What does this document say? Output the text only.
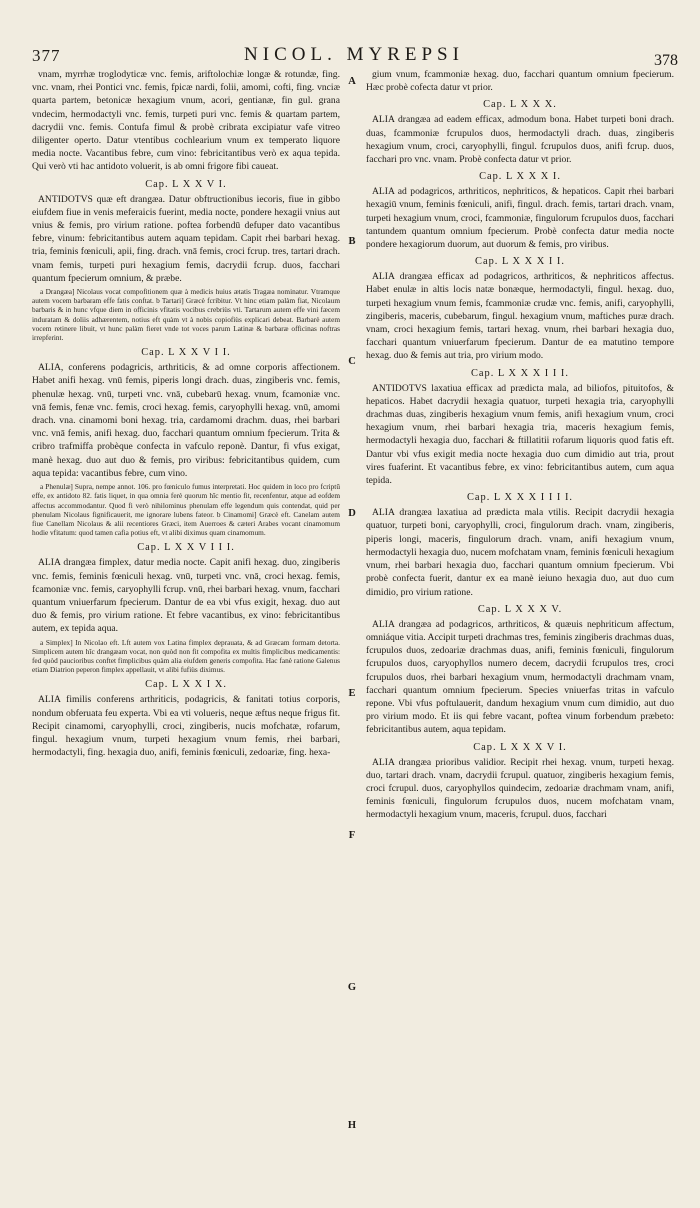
377	NICOL. MYREPSI	378

vnam, myrrhæ troglodyticæ vnc. femis, ariftolochiæ longæ & rotundæ, fing. vnc. vnam, rhei Pontici vnc. femis, fpicæ nardi, folii, amomi, cofti, fing. vnciæ quarta partem, betonicæ hexagium vnum, acori, gentianæ, fin gul. grana vndecim, hermodactyli vnc. femis, turpeti puri vnc. femis & quartam partem, dacrydii vnc. femis. Contufa fimul & probè cribrata excipiatur vafe vitreo diligenter operto. Datur vtentibus cochlearium vnum ex temperato liquore media nocte. Vacantibus febre, cum vino: febricitantibus verò ex aqua tepida. Qui verò vti hac antidoto voluerit, is ab omni frigore fibi caueat.

Cap. L X X V I.

ANTIDOTVS quæ eft drangæa. Datur obftructionibus iecoris, fiue in gibbo eiufdem fiue in venis meferaicis fuerint, media nocte, pondere hexagii vnius aut vnius & femis, pro virium ratione. poftea forbendū defuper dato vacantibus febre, vinum: febricitantibus autem aquam tepidam. Capit rhei barbari hexag. tria, feminis fœniculi, apii, fing. drach. vnā femis, croci fcrup. tres, tartari drach. vnam femis, turpeti puri hexagium femis, dacrydii fcrup. duos, facchari quantum fpecierum omnium, & præbe.

a Drangæa] Nicolaus vocat compofitionem quæ à medicis huius ætatis Tragæa nominatur. Vtramque autem vocem barbaram effe fatis conftat. b Tartari] Græcè fcribitur. Vt hinc etiam palàm fiat, Nicolaum barbaris & in hunc vfque diem in officinis vfitatis vocibus crebriùs vti. Tartarum autem effe vini fæcem induratam & doliis adhærentem, notius eft quàm vt à nobis copiofiùs explicari debeat. Barbarè autem vocem retinere libuit, vt hunc palàm fieret vnde tot voces parum Latinæ & barbaræ officinas noftras irrepferint.

Cap. L X X V I I.

ALIA, conferens podagricis, arthriticis, & ad omne corporis affectionem. Habet anifi hexag. vnū femis, piperis longi drach. duas, zingiberis vnc. femis, phenulæ hexag. vnū, turpeti vnc. vnā, cubebarū hexag. vnum, fcamoniæ vnc. vnā femis, fenæ vnc. femis, croci hexag. femis, caryophylli hexag. vnū, amomi drach. vna. cinamomi boni hexag. tria, cardamomi drachm. duas, rhei barbari vnc. vnā femis, anifi hexag. duo, facchari quantum omnium fpecierum. Trita & cribro trafmiffa probèque confecta in vafculo reponè. Dantur, fi vfus exigat, manè hexag. duo aut duo & femis, pro viribus: febricitantibus quidem, cum aqua tepida: vacantibus febre, cum vino.

a Phenulæ] Supra, nempe annot. 106. pro fœniculo fumus interpretati. Hoc quidem in loco pro fcriptū effe, ex antidoto 82. fatis liquet, in qua omnia ferè quorum hîc mentio fit, recenfentur, atque ad eofdem affectus accommodantur. Quod fi verò nihilominus phenulam effe legendum quis contendat, quid per phenulam Nicolaus fignificauerit, me ignorare lubens fateor. b Cinamomi] Græcè eft. Canelam autem fiue Canellam Nicolaus & alii recentiores Græci, item Auerroes & cæteri Arabes vocant cinamomum hodie vfitatum: quod tamen cafia potius eft, vt alibi diximus quam cinamomum.

Cap. L X X V I I I.

ALIA drangæa fimplex, datur media nocte. Capit anifi hexag. duo, zingiberis vnc. femis, feminis fœniculi hexag. vnū, turpeti vnc. vnā, croci hexag. femis, fcamoniæ vnc. femis, caryophylli fcrup. vnū, rhei barbari hexag. vnum, facchari quantum vniuerfarum fpecierum. Dantur de ea vbi vfus exigit, hexag. duo aut duo & femis, pro virium ratione. Et febre vacantibus, ex vino: febricitantibus autem, ex tepida aqua.

a Simplex] In Nicolao eft. Lft autem vox Latina fimplex deprauata, & ad Græcam formam detorta. Simplicem autem hîc drangæam vocat, non quòd non fit compofita ex multis fimplicibus medicamentis: fed quòd paucioribus conftet fimplicibus quàm alia eiufdem generis compofita. Hac fanè ratione Galenus etiam Diatrion peperon fimplex appellauit, vt alibi fufiùs diximus.

Cap. L X X I X.

ALIA fimilis conferens arthriticis, podagricis, & fanitati totius corporis, nondum obferuata feu experta. Vbi ea vti volueris, neque æftus neque frigus fit. Recipit cinamomi, caryophylli, croci, zingiberis, nucis mofchatæ, rofarum, fingul. hexagium vnum, turpeti hexagium vnum femis, rhei barbari, hermodactyli, fing. hexagia duo, anifi, feminis fœniculi, zedoariæ, fing. hexa-

A
B
C
D
E
F
G
H

gium vnum, fcammoniæ hexag. duo, facchari quantum omnium fpecierum. Hæc probè cofecta datur vt prior.

Cap. L X X X.

ALIA drangæa ad eadem efficax, admodum bona. Habet turpeti boni drach. duas, fcammoniæ fcrupulos duos, hermodactyli drach. duas, zingiberis hexagium vnum, croci, caryophylli, fingul. fcrupulos duos, anifi fcrup. duos, facchari pro vnc. vnam. Probè confecta datur vt prior.

Cap. L X X X I.

ALIA ad podagricos, arthriticos, nephriticos, & hepaticos. Capit rhei barbari hexagiū vnum, feminis fœniculi, anifi, fingul. drach. femis, tartari drach. vnam, turpeti hexagium vnum, croci, fcammoniæ, fingulorum fcrupulos duos, facchari tantundem quantum omnium fpecierum. Probè confecta datur media nocte pondere hexagiorum duorum, aut duorum & femis, pro viribus.

Cap. L X X X I I.

ALIA drangæa efficax ad podagricos, arthriticos, & nephriticos affectus. Habet enulæ in altis locis natæ bonæque, hermodactyli, fingul. hexag. duo, turpeti hexagium vnum femis, fcammoniæ crudæ vnc. femis, anifi, caryophylli, zingiberis, maceris, cubebarum, fingul. hexagium vnum, maftiches puræ drach. vnam, croci hexagium femis, tartari hexag. vnum, rhei barbari hexagia duo, facchari quantum vniuerfarum fpecierum. Dantur de ea matutino tempore hexag. duo & femis aut tria, pro virium modo.

Cap. L X X X I I I.

ANTIDOTVS laxatiua efficax ad prædicta mala, ad biliofos, pituitofos, & hepaticos. Habet dacrydii hexagia quatuor, turpeti hexagia tria, caryophylli drachmas duas, zingiberis hexagium vnum femis, anifi hexagium vnum, croci hexagium vnum, rhei barbari hexagia tria, maceris hexagium femis, hermodactyli hexagia duo, facchari & ftillatitii rofarum liquoris quod fatis eft. Dantur vbi vfus exigit media nocte hexagia duo cum dimidio aut tria, prout vires fuaferint. Et vacantibus febre, ex vino: febricitantibus autem, cum aqua tepida.

Cap. L X X X I I I I.

ALIA drangæa laxatiua ad prædicta mala vtilis. Recipit dacrydii hexagia quatuor, turpeti boni, caryophylli, croci, fingulorum drach. vnam, zingiberis, piperis longi, maceris, fingulorum drach. vnam, anifi hexagium vnum, hermodactyli hexagia duo, nucem mofchatam vnam, feminis fœniculi hexagium vnum, rhei barbari hexagia duo, facchari quantum omnium fpecierum. Vbi probè confecta fuerit, dantur ex ea manè ieiuno hexagia duo, aut duo cum dimidio, pro virium ratione.

Cap. L X X X V.

ALIA drangæa ad podagricos, arthriticos, & quæuis nephriticum affectum, omniáque vitia. Accipit turpeti drachmas tres, feminis zingiberis drachmas duas, fcrupulos duos, zedoariæ drachmas duas, anifi, feminis fœniculi, fingulorum fcrupulos duos, caryophyllos numero decem, dacrydii fcrupulos tres, croci fcrupulos duos, rhei barbari hexagium vnum, hermodactyli drachmam vnam, facchari quantum omnium fpecierum. Species vniuerfas tritas in vafculo repone. Vbi vfus poftulauerit, dandum hexagium vnum cum dimidio, aut duo pro virium modo. Et iis qui febre vacant, poftea vinum forbendum præbeto: febricitantibus autem, aqua tepidam.

Cap. L X X X V I.

ALIA drangæa prioribus validior. Recipit rhei hexag. vnum, turpeti hexag. duo, tartari drach. vnam, dacrydii fcrupul. quatuor, zingiberis hexagium femis, croci fcrupul. duos, caryophyllos quindecim, zedoariæ drachmam vnam, anifi, feminis fœniculi, fingulorum fcrupulos duos, nucem mofchatam vnam, hermodactyli hexagium vnum, maceris, fcrupul. duos, facchari
